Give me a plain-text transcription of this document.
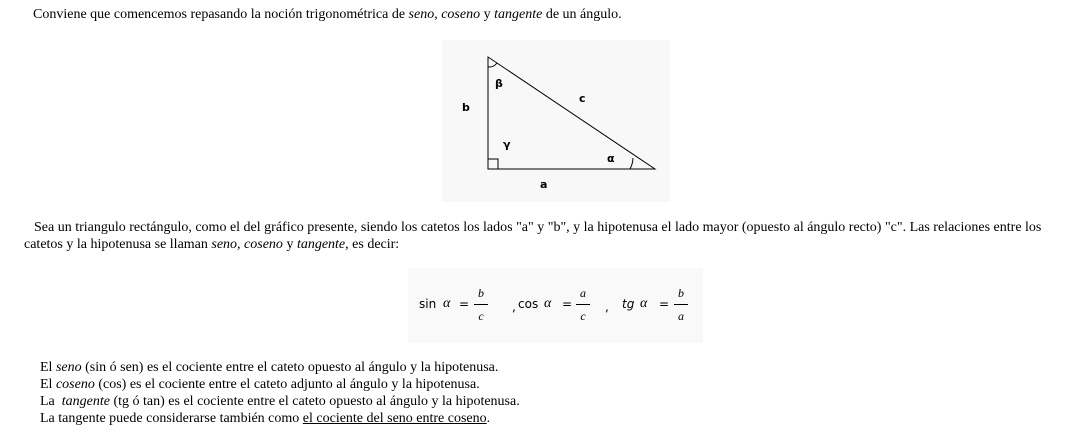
Conviene que comencemos repasando la noción trigonométrica de seno, coseno y tangente de un ángulo.
b
c
a
β
γ
α
Sea un triangulo rectángulo, como el del gráfico presente, siendo los catetos los lados "a" y "b", y la hipotenusa el lado mayor (opuesto al ángulo recto) "c". Las relaciones entre los catetos y la hipotenusa se llaman seno, coseno y tangente, es decir:
sin α =
b
c
, cos α =
a
c
, tg α =
b
a
El seno (sin ó sen) es el cociente entre el cateto opuesto al ángulo y la hipotenusa.
El coseno (cos) es el cociente entre el cateto adjunto al ángulo y la hipotenusa.
La  tangente (tg ó tan) es el cociente entre el cateto opuesto al ángulo y la hipotenusa.
La tangente puede considerarse también como el cociente del seno entre coseno.
